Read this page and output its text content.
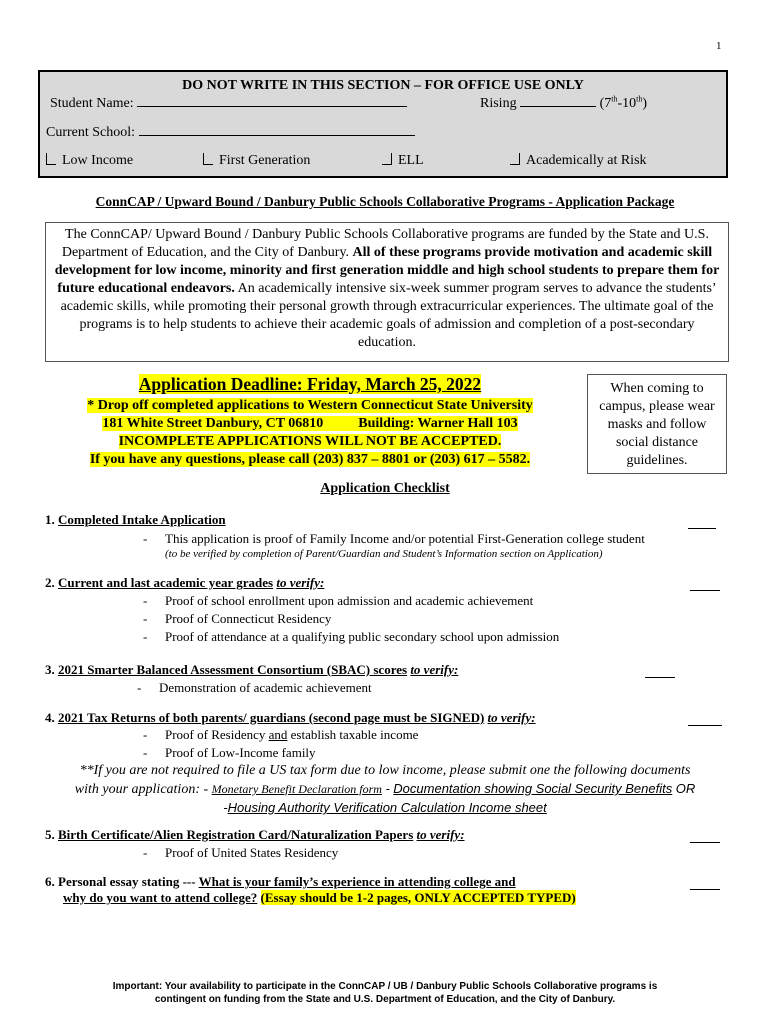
1
DO NOT WRITE IN THIS SECTION – FOR OFFICE USE ONLY
Student Name:	Rising	(7th-10th)
Current School:
Low Income	First Generation	ELL	Academically at Risk
ConnCAP / Upward Bound / Danbury Public Schools Collaborative Programs - Application Package
The ConnCAP/ Upward Bound / Danbury Public Schools Collaborative programs are funded by the State and U.S. Department of Education, and the City of Danbury. All of these programs provide motivation and academic skill development for low income, minority and first generation middle and high school students to prepare them for future educational endeavors. An academically intensive six-week summer program serves to advance the students’ academic skills, while promoting their personal growth through extracurricular experiences. The ultimate goal of the programs is to help students to achieve their academic goals of admission and completion of a post-secondary education.
Application Deadline: Friday, March 25, 2022
* Drop off completed applications to Western Connecticut State University
181 White Street Danbury, CT 06810          Building: Warner Hall 103
INCOMPLETE APPLICATIONS WILL NOT BE ACCEPTED.
If you have any questions, please call (203) 837 – 8801 or (203) 617 – 5582.
When coming to campus, please wear masks and follow social distance guidelines.
Application Checklist
1. Completed Intake Application
- This application is proof of Family Income and/or potential First-Generation college student
(to be verified by completion of Parent/Guardian and Student’s Information section on Application)
2. Current and last academic year grades to verify:
- Proof of school enrollment upon admission and academic achievement
- Proof of Connecticut Residency
- Proof of attendance at a qualifying public secondary school upon admission
3. 2021 Smarter Balanced Assessment Consortium (SBAC) scores to verify:
- Demonstration of academic achievement
4. 2021 Tax Returns of both parents/ guardians (second page must be SIGNED) to verify:
- Proof of Residency and establish taxable income
- Proof of Low-Income family
**If you are not required to file a US tax form due to low income, please submit one the following documents
with your application: - Monetary Benefit Declaration form - Documentation showing Social Security Benefits OR
-Housing Authority Verification Calculation Income sheet
5. Birth Certificate/Alien Registration Card/Naturalization Papers to verify:
- Proof of United States Residency
6. Personal essay stating --- What is your family’s experience in attending college and
why do you want to attend college? (Essay should be 1-2 pages, ONLY ACCEPTED TYPED)
Important: Your availability to participate in the ConnCAP / UB / Danbury Public Schools Collaborative programs is
contingent on funding from the State and U.S. Department of Education, and the City of Danbury.
